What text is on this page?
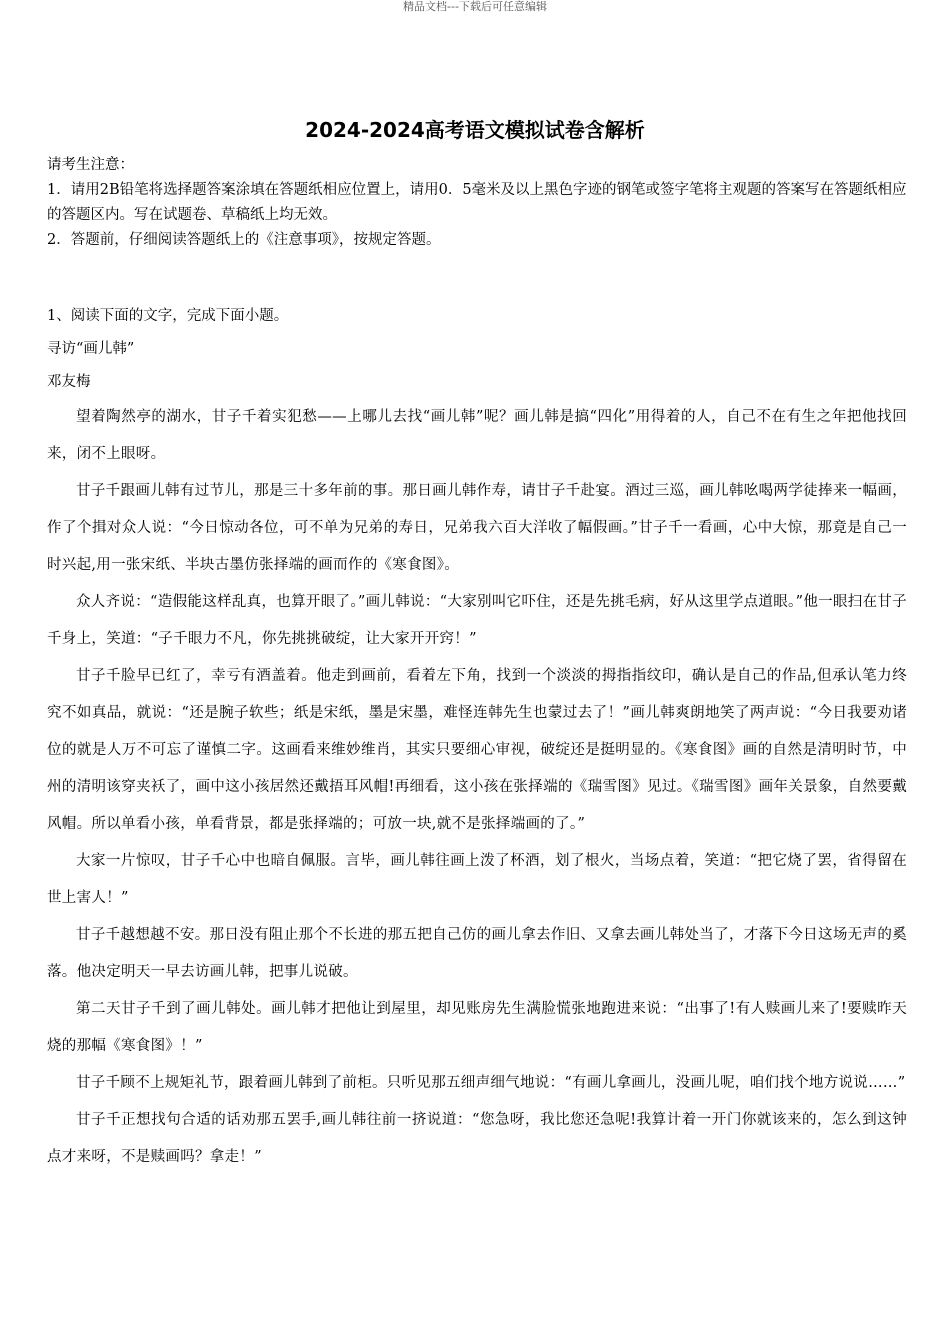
精品文档---下载后可任意编辑
2024-2024高考语文模拟试卷含解析
请考生注意：
1．请用2B铅笔将选择题答案涂填在答题纸相应位置上，请用0．5毫米及以上黑色字迹的钢笔或签字笔将主观题的答案写在答题纸相应的答题区内。写在试题卷、草稿纸上均无效。
2．答题前，仔细阅读答题纸上的《注意事项》，按规定答题。
1、阅读下面的文字，完成下面小题。
寻访“画儿韩”
邓友梅

望着陶然亭的湖水，甘子千着实犯愁——上哪儿去找“画儿韩”呢？画儿韩是搞“四化”用得着的人，自己不在有生之年把他找回来，闭不上眼呀。

甘子千跟画儿韩有过节儿，那是三十多年前的事。那日画儿韩作寿，请甘子千赴宴。酒过三巡，画儿韩吆喝两学徒捧来一幅画，作了个揖对众人说：“今日惊动各位，可不单为兄弟的寿日，兄弟我六百大洋收了幅假画。”甘子千一看画，心中大惊，那竟是自己一时兴起,用一张宋纸、半块古墨仿张择端的画而作的《寒食图》。

众人齐说：“造假能这样乱真，也算开眼了。”画儿韩说：“大家别叫它吓住，还是先挑毛病，好从这里学点道眼。”他一眼扫在甘子千身上，笑道：“子千眼力不凡，你先挑挑破绽，让大家开开窍！”

甘子千脸早已红了，幸亏有酒盖着。他走到画前，看着左下角，找到一个淡淡的拇指指纹印，确认是自己的作品,但承认笔力终究不如真品，就说：“还是腕子软些；纸是宋纸，墨是宋墨，难怪连韩先生也蒙过去了！”画儿韩爽朗地笑了两声说：“今日我要劝诸位的就是人万不可忘了谨慎二字。这画看来维妙维肖，其实只要细心审视，破绽还是挺明显的。《寒食图》画的自然是清明时节，中州的清明该穿夹袄了，画中这小孩居然还戴捂耳风帽!再细看，这小孩在张择端的《瑞雪图》见过。《瑞雪图》画年关景象，自然要戴风帽。所以单看小孩，单看背景，都是张择端的；可放一块,就不是张择端画的了。”

大家一片惊叹，甘子千心中也暗自佩服。言毕，画儿韩往画上泼了杯酒，划了根火，当场点着，笑道：“把它烧了罢，省得留在世上害人！”

甘子千越想越不安。那日没有阻止那个不长进的那五把自己仿的画儿拿去作旧、又拿去画儿韩处当了，才落下今日这场无声的奚落。他决定明天一早去访画儿韩，把事儿说破。

第二天甘子千到了画儿韩处。画儿韩才把他让到屋里，却见账房先生满脸慌张地跑进来说：“出事了!有人赎画儿来了!要赎昨天烧的那幅《寒食图》！”

甘子千顾不上规矩礼节，跟着画儿韩到了前柜。只听见那五细声细气地说：“有画儿拿画儿，没画儿呢，咱们找个地方说说……”

甘子千正想找句合适的话劝那五罢手,画儿韩往前一挤说道：“您急呀，我比您还急呢!我算计着一开门你就该来的，怎么到这钟点才来呀，不是赎画吗？拿走！”
